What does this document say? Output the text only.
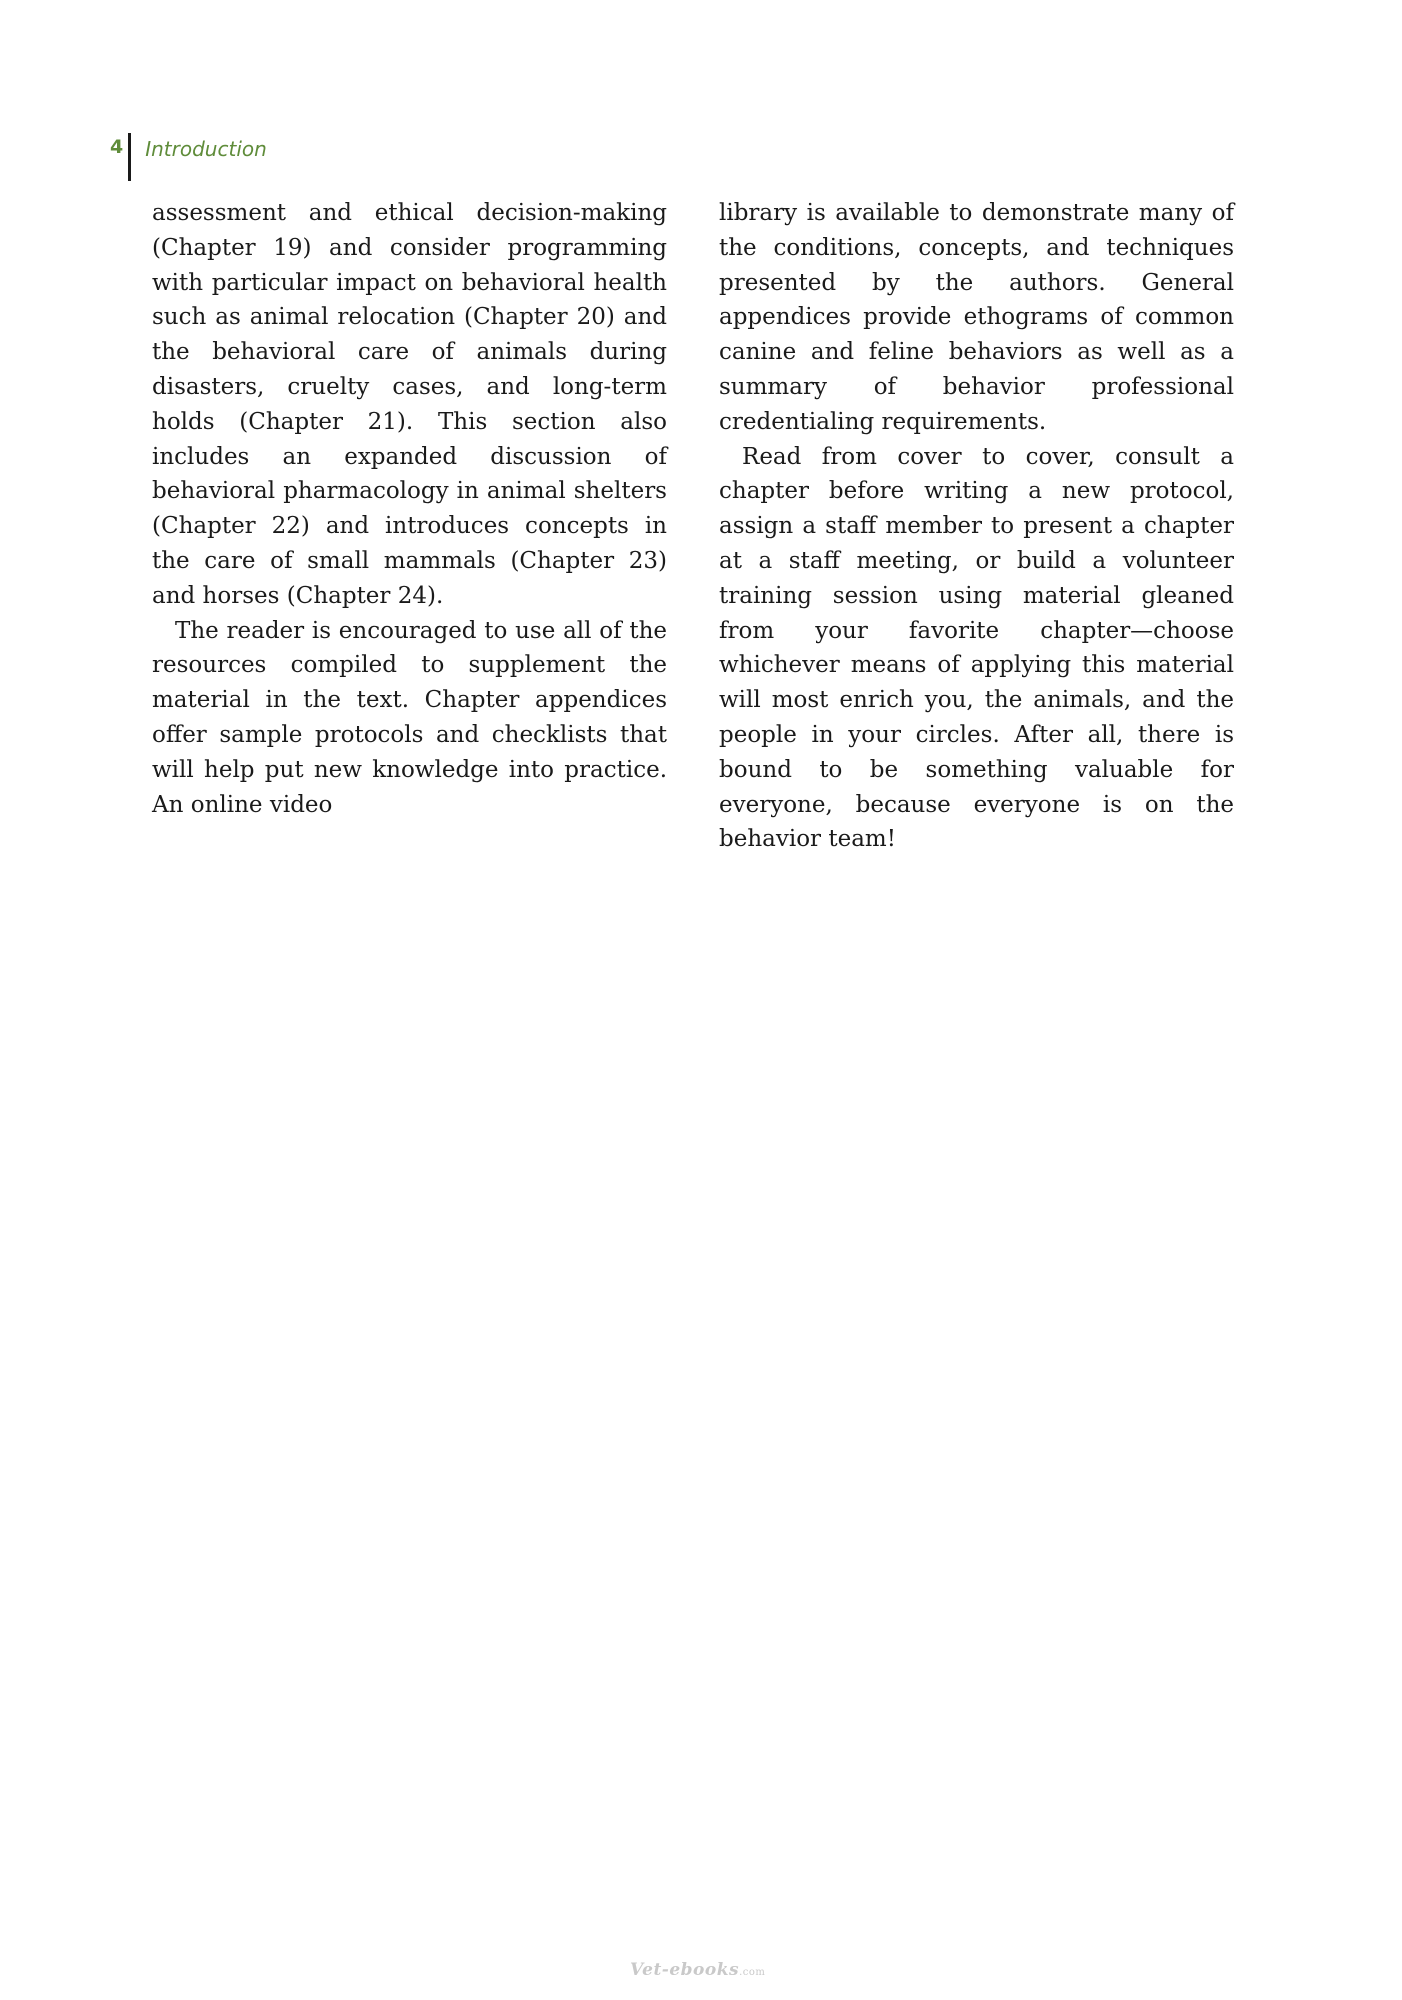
4 Introduction

assessment and ethical decision-making (Chapter 19) and consider programming with particular impact on behavioral health such as animal relocation (Chapter 20) and the behavioral care of animals during disasters, cruelty cases, and long-term holds (Chapter 21). This section also includes an expanded discussion of behavioral pharmacology in animal shelters (Chapter 22) and introduces concepts in the care of small mammals (Chapter 23) and horses (Chapter 24).

The reader is encouraged to use all of the resources compiled to supplement the material in the text. Chapter appendices offer sample protocols and checklists that will help put new knowledge into practice. An online video

library is available to demonstrate many of the conditions, concepts, and techniques presented by the authors. General appendices provide ethograms of common canine and feline behaviors as well as a summary of behavior professional credentialing requirements.

Read from cover to cover, consult a chapter before writing a new protocol, assign a staff member to present a chapter at a staff meeting, or build a volunteer training session using material gleaned from your favorite chapter—choose whichever means of applying this material will most enrich you, the animals, and the people in your circles. After all, there is bound to be something valuable for everyone, because everyone is on the behavior team!

Vet-ebooks.com
